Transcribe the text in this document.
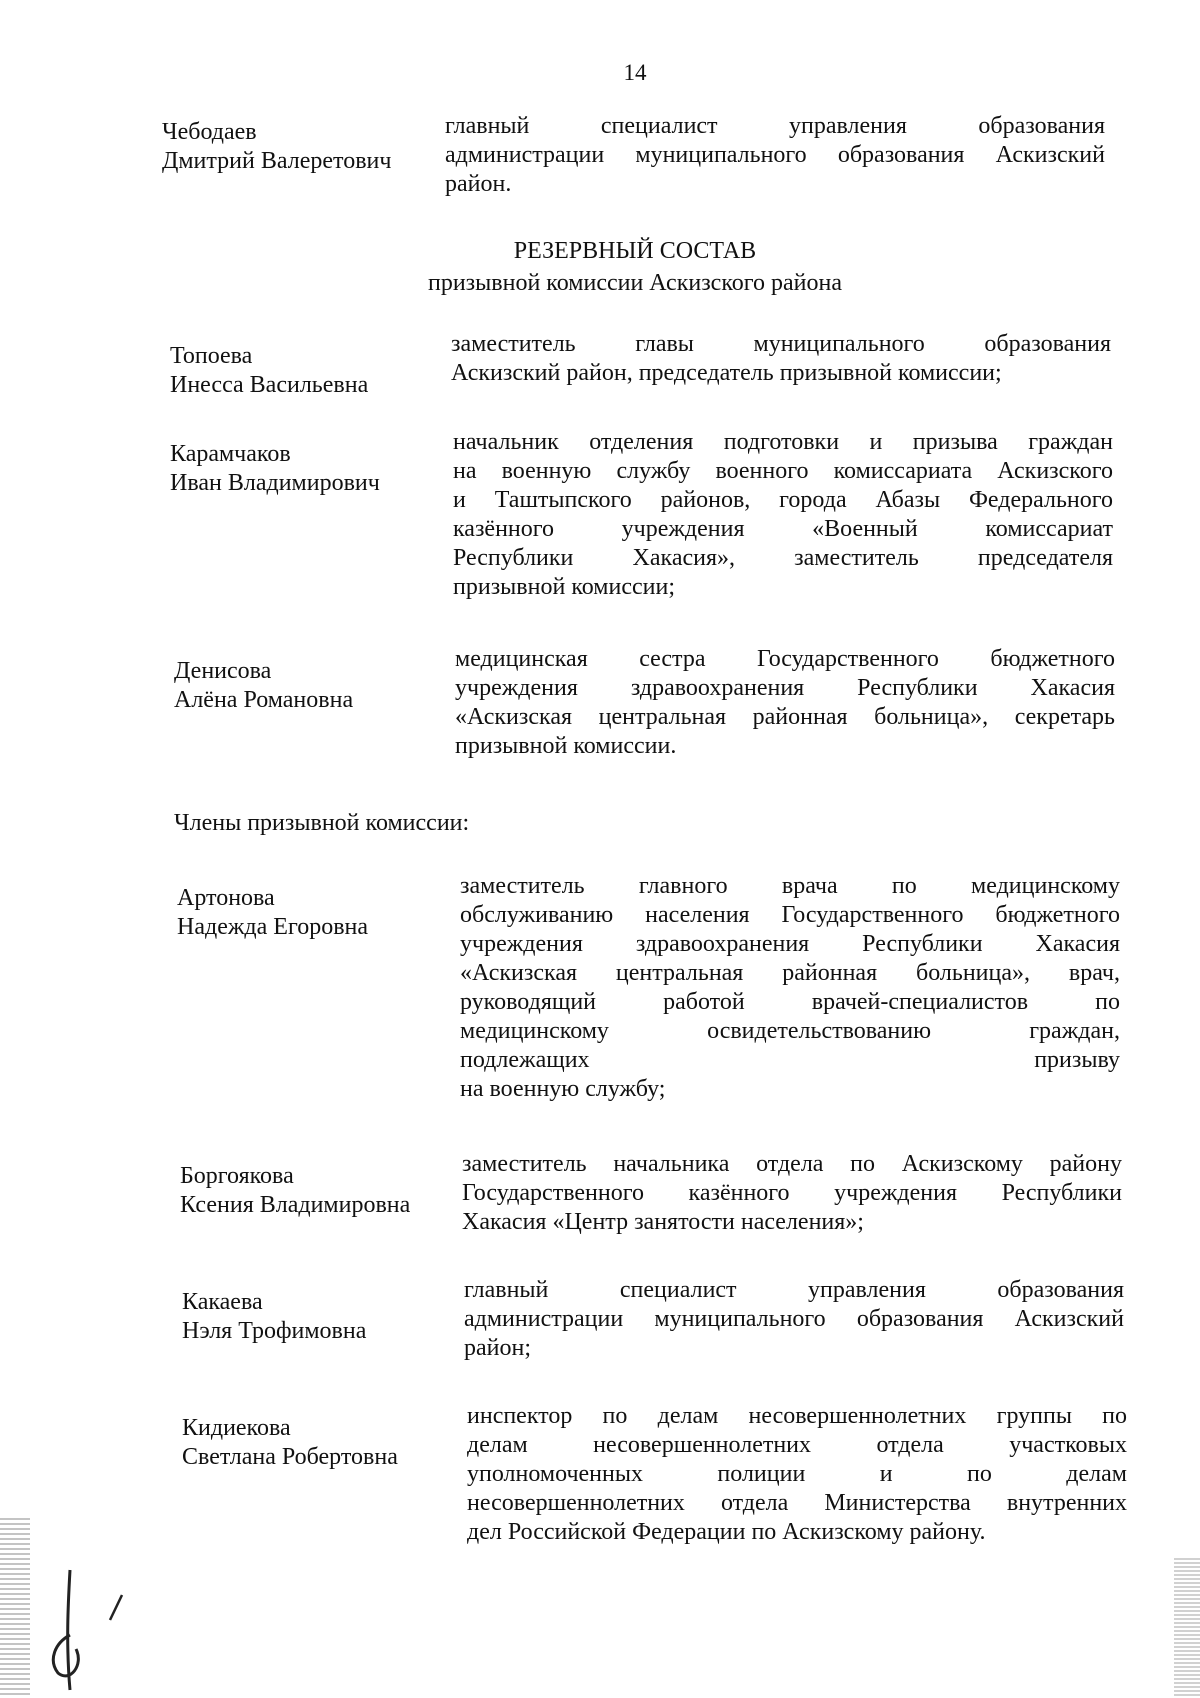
14
Чебодаев
Дмитрий Валеретович
главный специалист управления образования
администрации муниципального образования Аскизский
район.
РЕЗЕРВНЫЙ СОСТАВ
призывной комиссии Аскизского района
Топоева
Инесса Васильевна
заместитель главы муниципального образования
Аскизский район, председатель призывной комиссии;
Карамчаков
Иван Владимирович
начальник отделения подготовки и призыва граждан
на военную службу военного комиссариата Аскизского
и Таштыпского районов, города Абазы Федерального
казённого учреждения «Военный комиссариат
Республики Хакасия», заместитель председателя
призывной комиссии;
Денисова
Алёна Романовна
медицинская сестра Государственного бюджетного
учреждения здравоохранения Республики Хакасия
«Аскизская центральная районная больница», секретарь
призывной комиссии.
Члены призывной комиссии:
Артонова
Надежда Егоровна
заместитель главного врача по медицинскому
обслуживанию населения Государственного бюджетного
учреждения здравоохранения Республики Хакасия
«Аскизская центральная районная больница», врач,
руководящий работой врачей-специалистов по
медицинскому освидетельствованию граждан,
подлежащих призыву
на военную службу;
Боргоякова
Ксения Владимировна
заместитель начальника отдела по Аскизскому району
Государственного казённого учреждения Республики
Хакасия «Центр занятости населения»;
Какаева
Нэля Трофимовна
главный специалист управления образования
администрации муниципального образования Аскизский
район;
Кидиекова
Светлана Робертовна
инспектор по делам несовершеннолетних группы по
делам несовершеннолетних отдела участковых
уполномоченных полиции и по делам
несовершеннолетних отдела Министерства внутренних
дел Российской Федерации по Аскизскому району.
